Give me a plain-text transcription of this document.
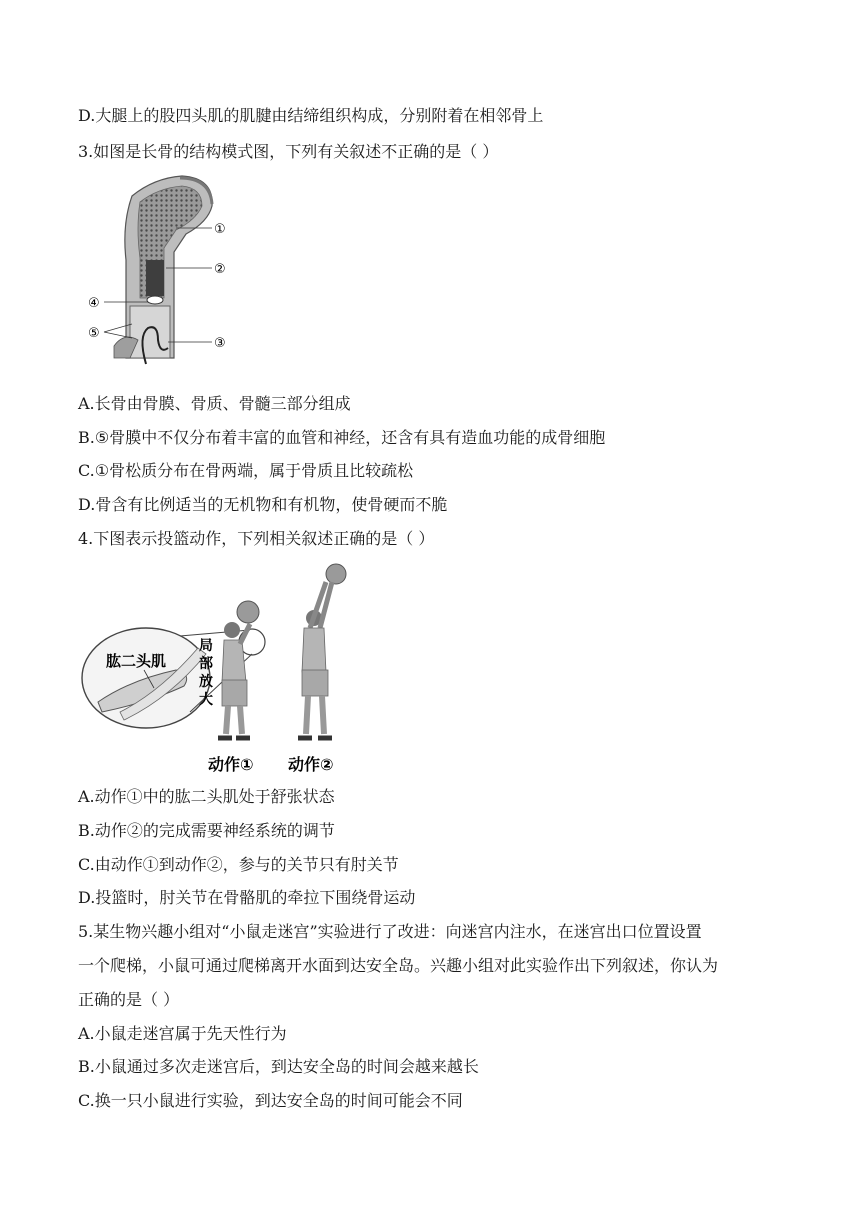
D.大腿上的股四头肌的肌腱由结缔组织构成，分别附着在相邻骨上
3.如图是长骨的结构模式图，下列有关叙述不正确的是（ ）
①
②
③
④
⑤
A.长骨由骨膜、骨质、骨髓三部分组成
B.⑤骨膜中不仅分布着丰富的血管和神经，还含有具有造血功能的成骨细胞
C.①骨松质分布在骨两端，属于骨质且比较疏松
D.骨含有比例适当的无机物和有机物，使骨硬而不脆
4.下图表示投篮动作，下列相关叙述正确的是（ ）
肱二头肌
局
部
放
大
动作① 动作②
A.动作①中的肱二头肌处于舒张状态
B.动作②的完成需要神经系统的调节
C.由动作①到动作②，参与的关节只有肘关节
D.投篮时，肘关节在骨骼肌的牵拉下围绕骨运动
5.某生物兴趣小组对“小鼠走迷宫”实验进行了改进：向迷宫内注水，在迷宫出口位置设置
一个爬梯，小鼠可通过爬梯离开水面到达安全岛。兴趣小组对此实验作出下列叙述，你认为
正确的是（ ）
A.小鼠走迷宫属于先天性行为
B.小鼠通过多次走迷宫后，到达安全岛的时间会越来越长
C.换一只小鼠进行实验，到达安全岛的时间可能会不同
